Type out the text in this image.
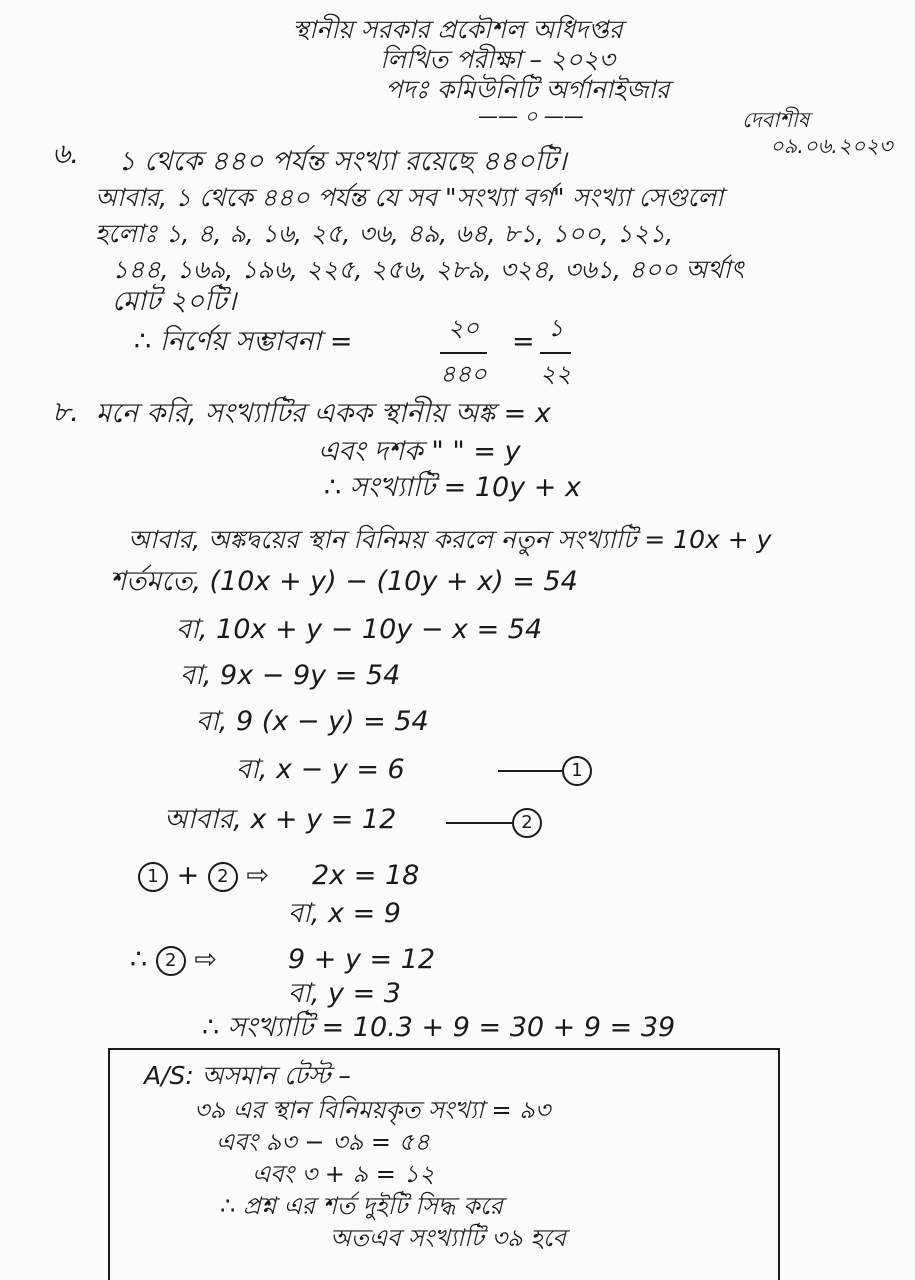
স্থানীয় সরকার প্রকৌশল অধিদপ্তর
লিখিত পরীক্ষা – ২০২৩
পদঃ কমিউনিটি অর্গানাইজার
—— ০ ——	দেবাশীষ
০৯.০৬.২০২৩
৬. ১ থেকে ৪৪০ পর্যন্ত সংখ্যা রয়েছে ৪৪০টি।
আবার, ১ থেকে ৪৪০ পর্যন্ত যে সব "সংখ্যা বর্গ" সংখ্যা সেগুলো
হলোঃ ১, ৪, ৯, ১৬, ২৫, ৩৬, ৪৯, ৬৪, ৮১, ১০০, ১২১,
১৪৪, ১৬৯, ১৯৬, ২২৫, ২৫৬, ২৮৯, ৩২৪, ৩৬১, ৪০০ অর্থাৎ
মোট ২০টি।
∴ নির্ণেয় সম্ভাবনা =	২০
৪৪০
= ১
২২
৮. মনে করি, সংখ্যাটির একক স্থানীয় অঙ্ক = x
এবং দশক " " = y
∴ সংখ্যাটি = 10y + x
আবার, অঙ্কদ্বয়ের স্থান বিনিময় করলে নতুন সংখ্যাটি = 10x + y
শর্তমতে, (10x + y) − (10y + x) = 54
বা, 10x + y − 10y − x = 54
বা, 9x − 9y = 54
বা, 9 (x − y) = 54
বা, x − y = 6	1
আবার, x + y = 12	2
1 + 2 ⇨ 2x = 18
বা, x = 9
∴ 2 ⇨	9 + y = 12
বা, y = 3
∴ সংখ্যাটি = 10.3 + 9 = 30 + 9 = 39
A/S: অসমান টেস্ট –
৩৯ এর স্থান বিনিময়কৃত সংখ্যা = ৯৩
এবং ৯৩ − ৩৯ = ৫৪
এবং ৩ + ৯ = ১২
∴ প্রশ্ন এর শর্ত দুইটি সিদ্ধ করে
অতএব সংখ্যাটি ৩৯ হবে
